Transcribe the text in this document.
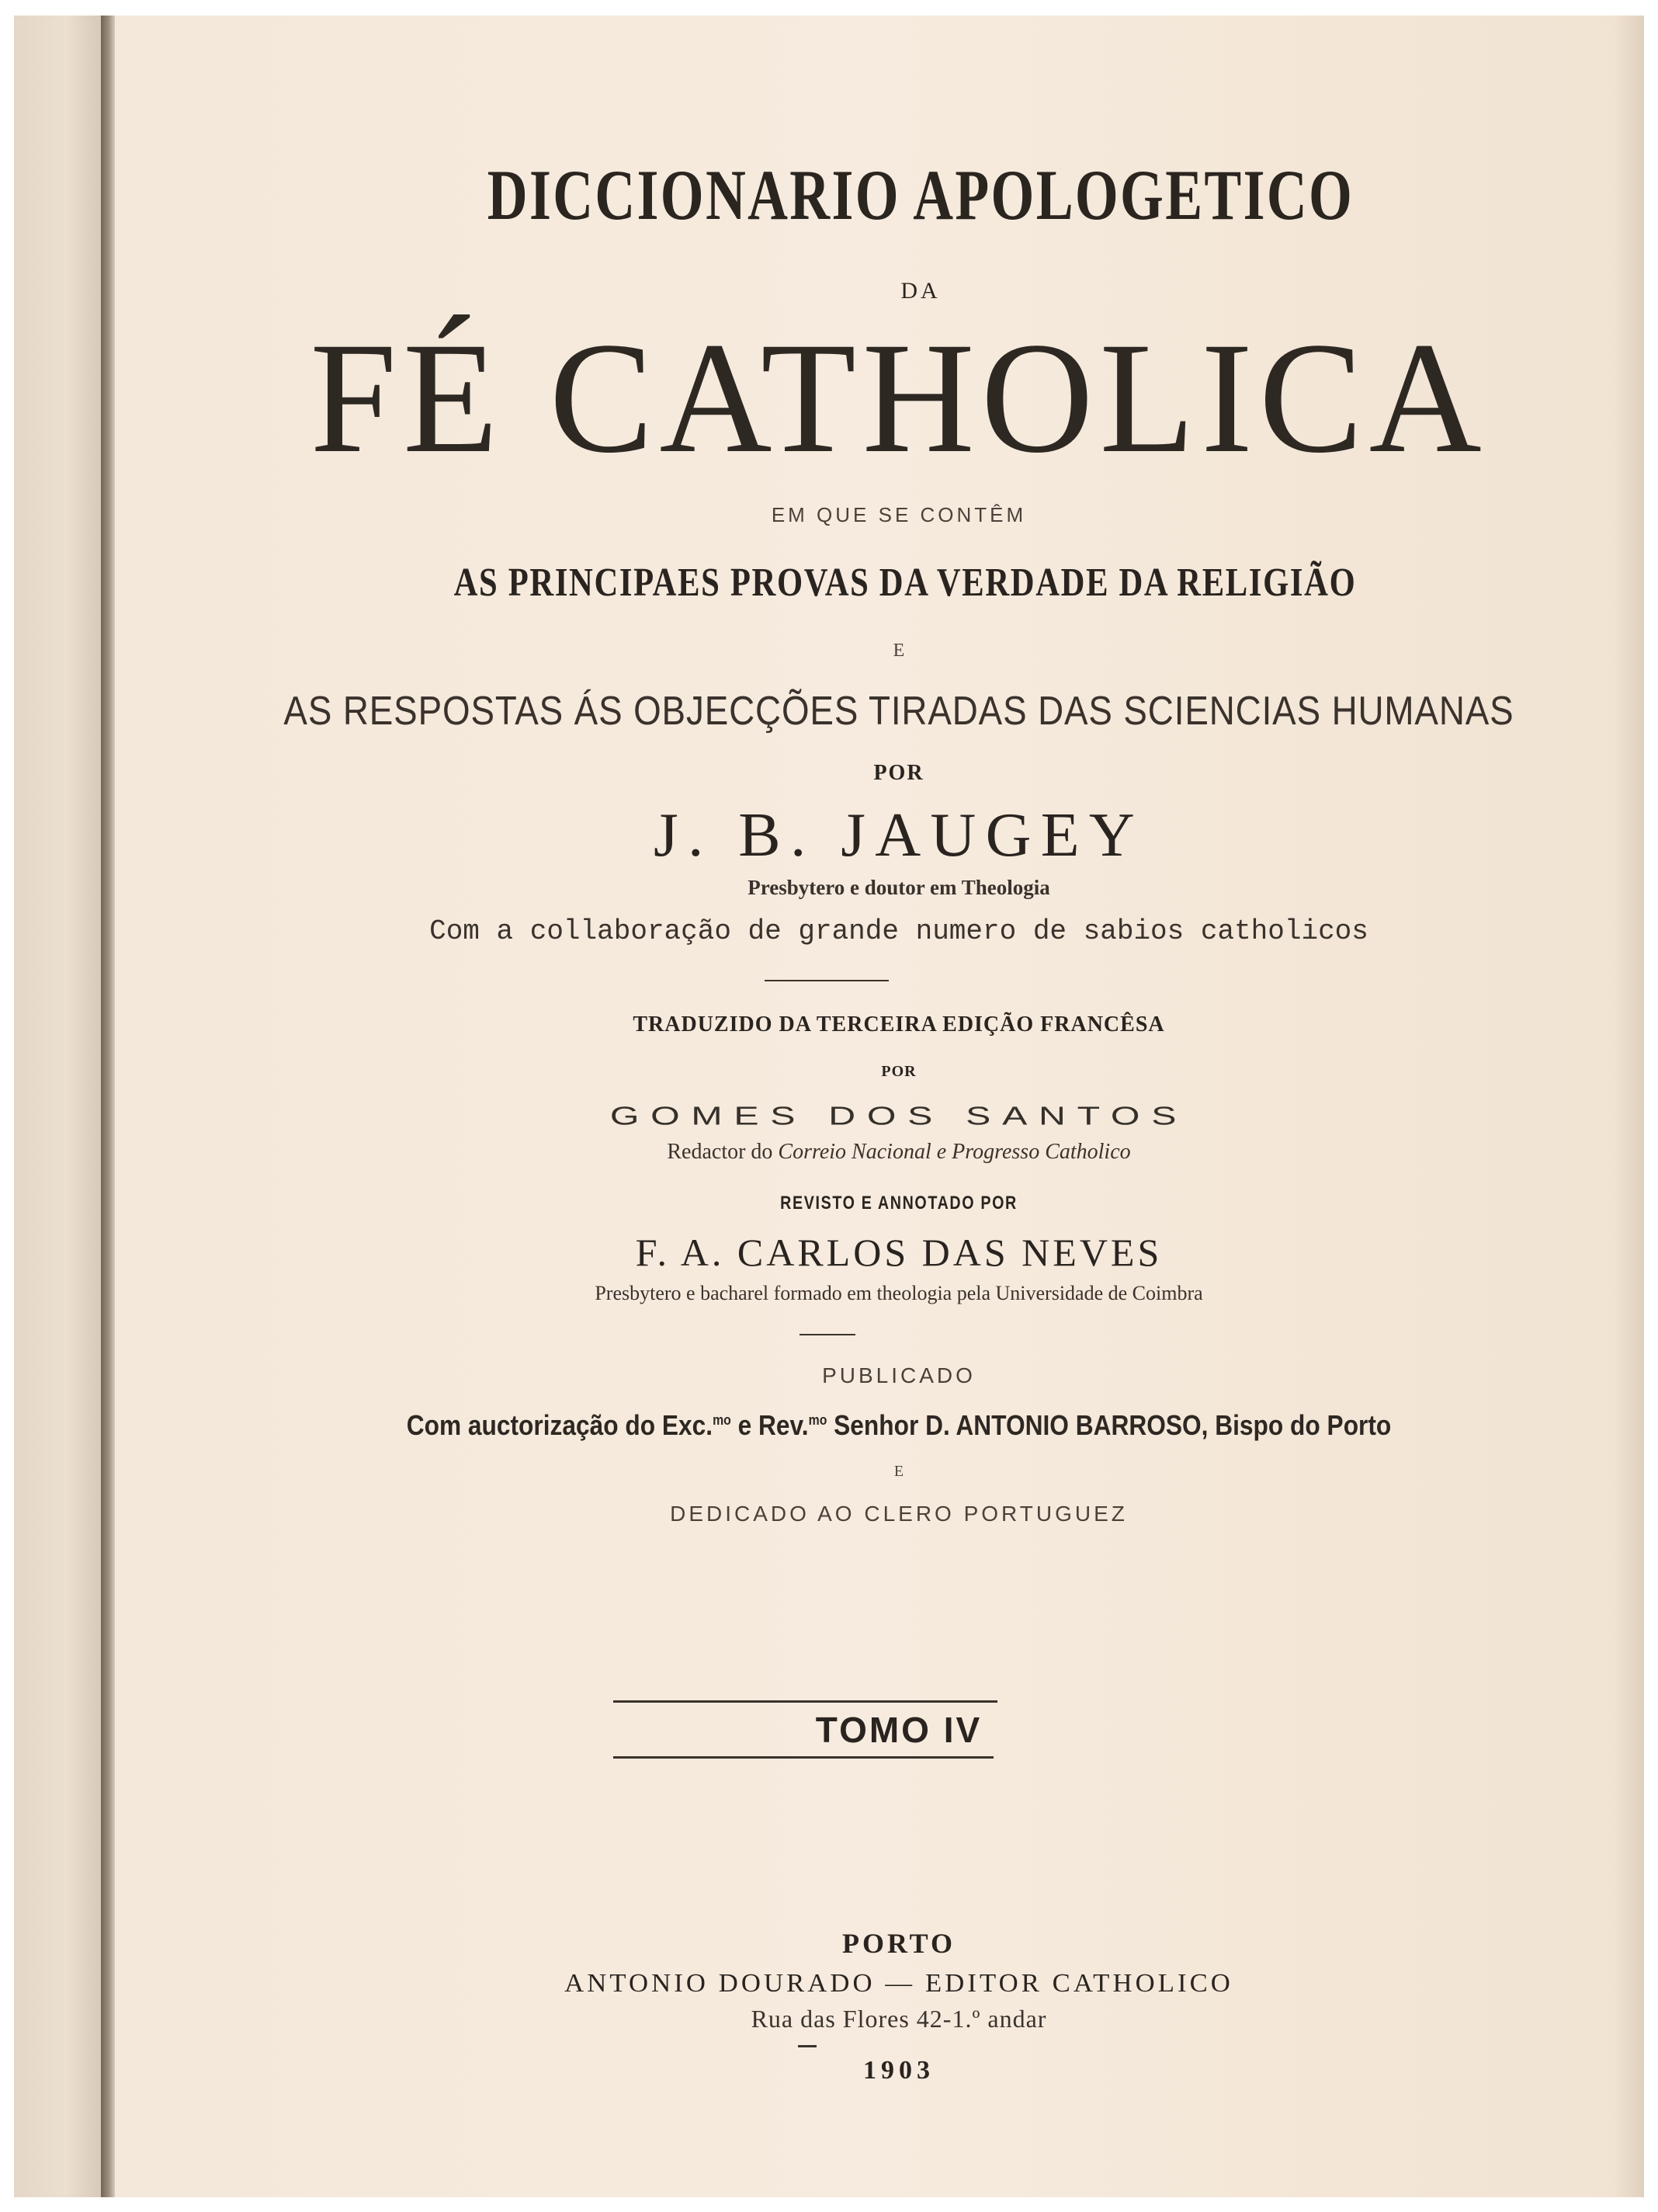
DICCIONARIO APOLOGETICO
DA
FÉ CATHOLICA
EM QUE SE CONTÊM
AS PRINCIPAES PROVAS DA VERDADE DA RELIGIÃO
E
AS RESPOSTAS ÁS OBJECÇÕES TIRADAS DAS SCIENCIAS HUMANAS
POR
J. B. JAUGEY
Presbytero e doutor em Theologia
Com a collaboração de grande numero de sabios catholicos
TRADUZIDO DA TERCEIRA EDIÇÃO FRANCÊSA
POR
GOMES DOS SANTOS
Redactor do Correio Nacional e Progresso Catholico
REVISTO E ANNOTADO POR
F. A. CARLOS DAS NEVES
Presbytero e bacharel formado em theologia pela Universidade de Coimbra
PUBLICADO
Com auctorização do Exc.$^{mo}$ e Rev.$^{mo}$ Senhor D. ANTONIO BARROSO, Bispo do Porto
E
DEDICADO AO CLERO PORTUGUEZ
TOMO IV
PORTO
ANTONIO DOURADO — EDITOR CATHOLICO
Rua das Flores 42-1.º andar
1903
